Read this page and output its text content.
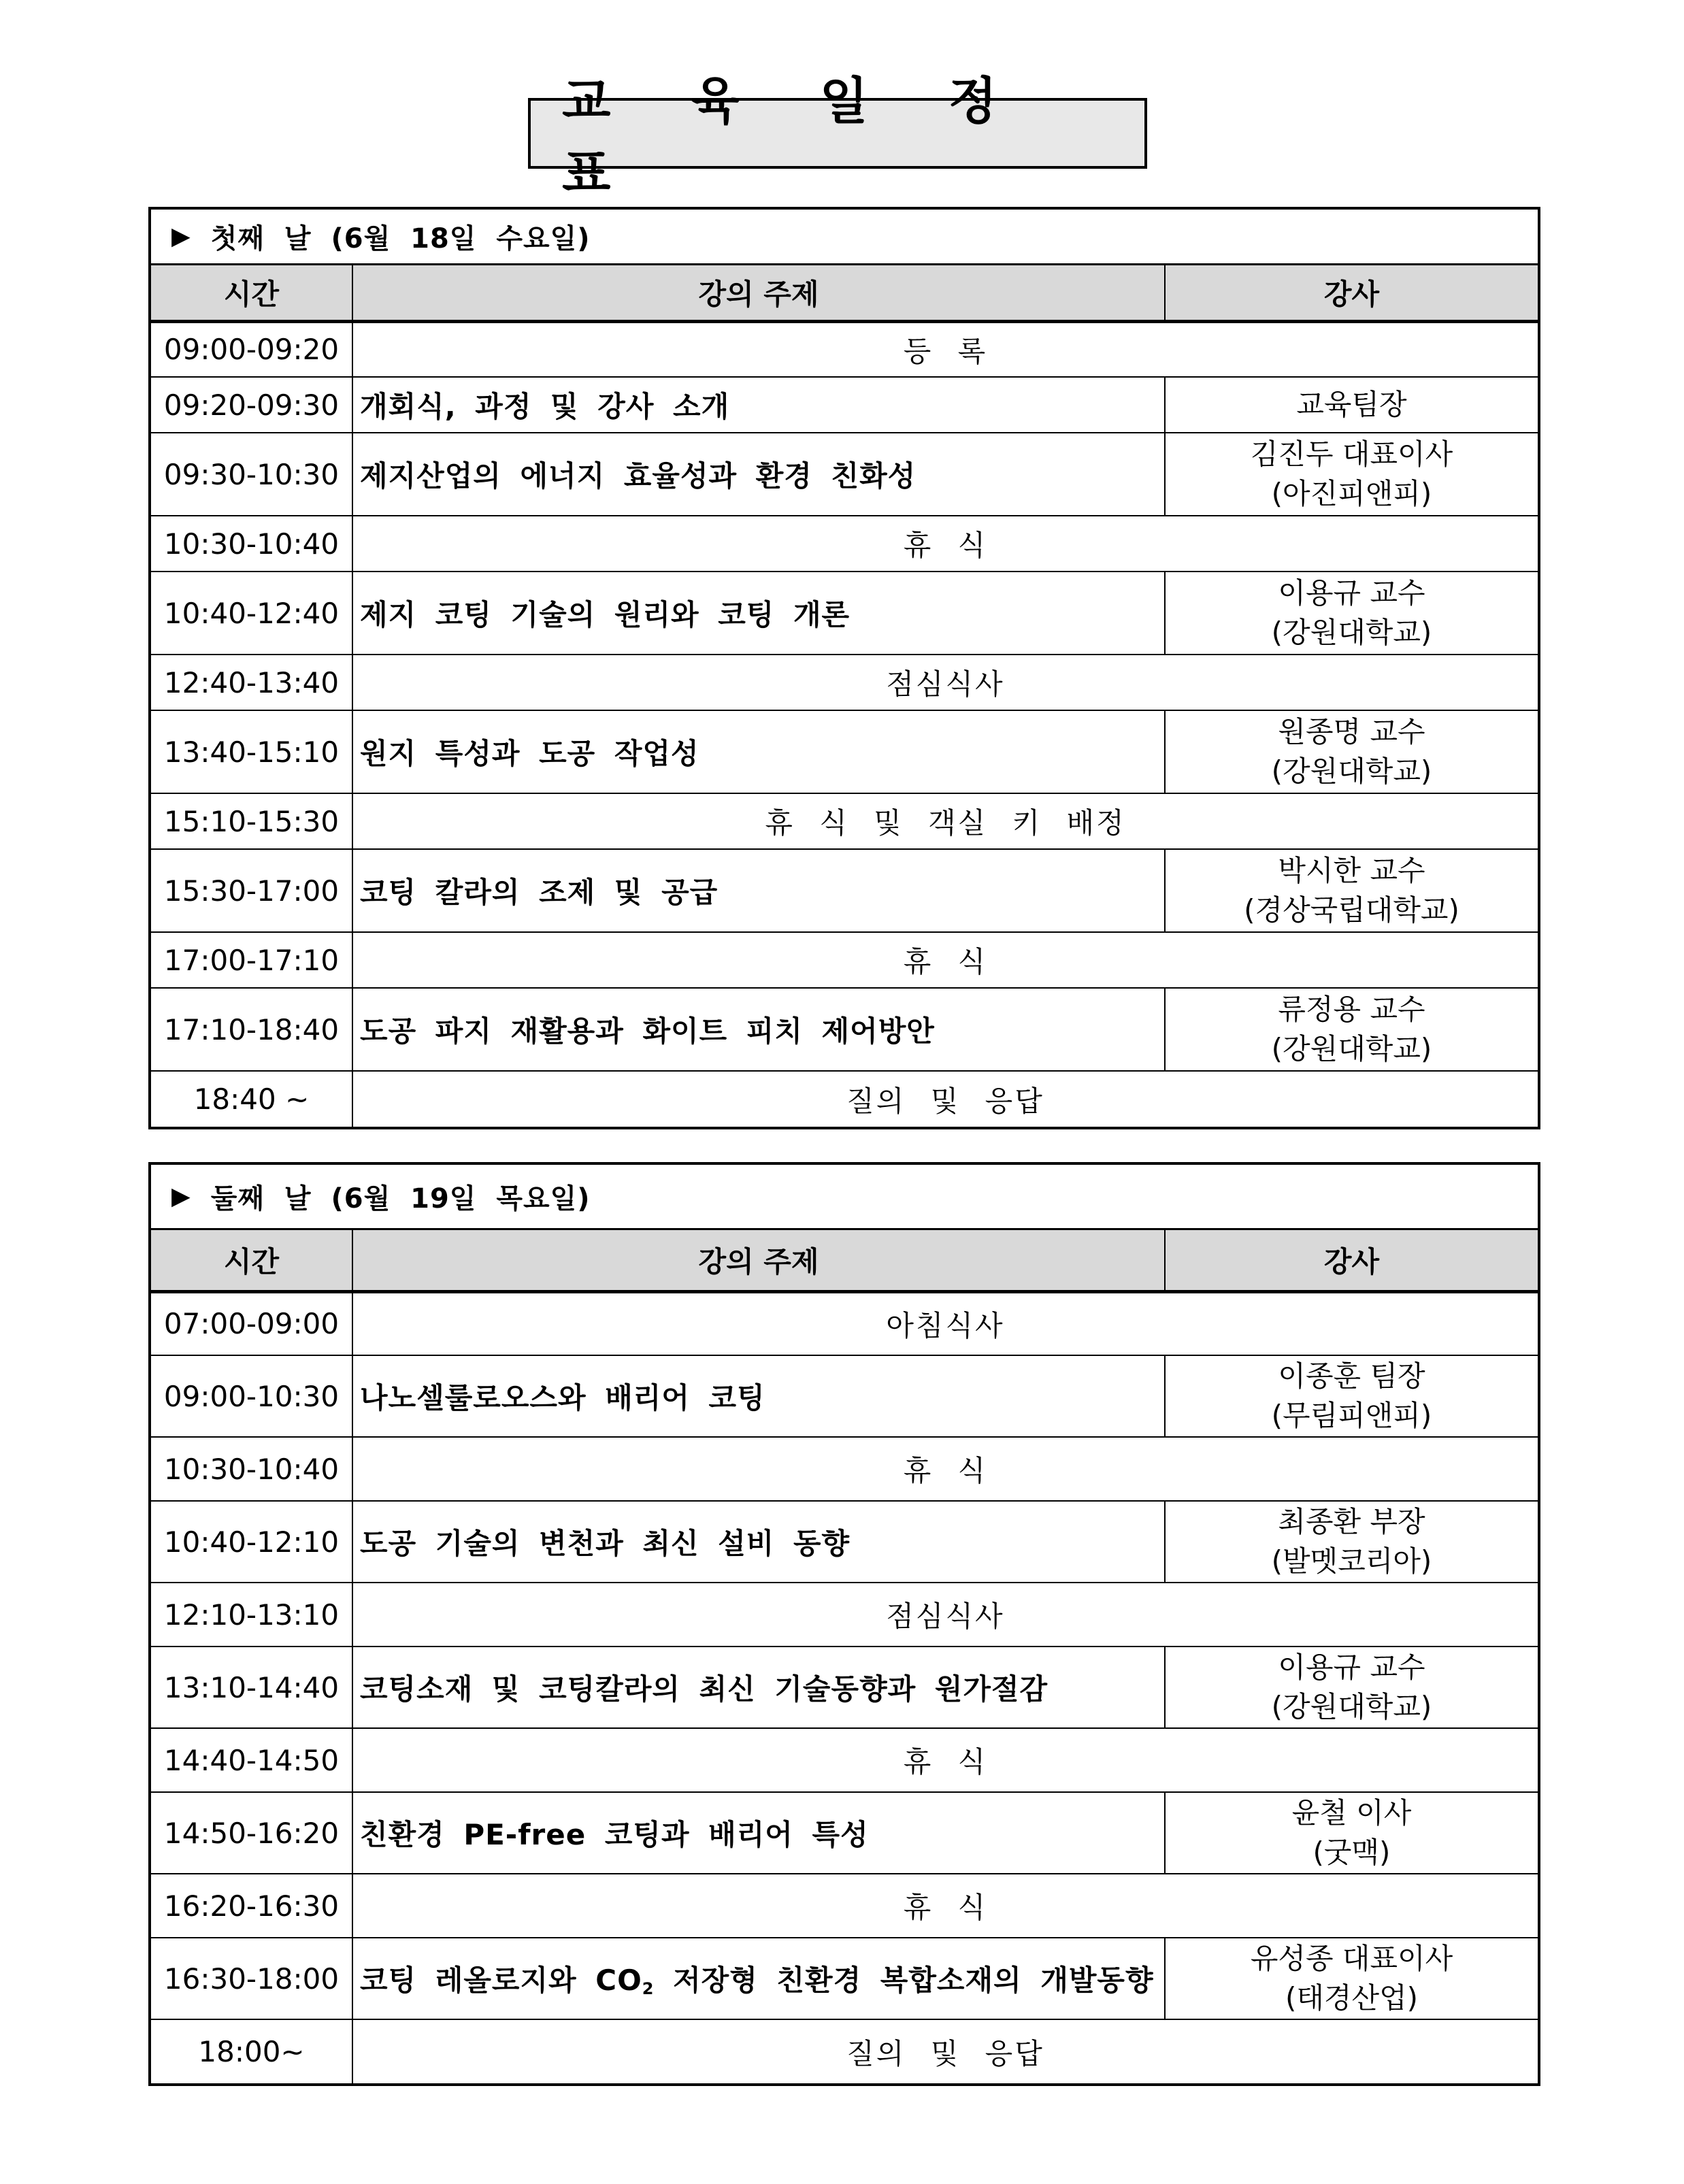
교 육 일 정 표
▶ 첫째 날 (6월 18일 수요일)
시간	강의 주제	강사
09:00-09:20	등 록	
09:20-09:30	개회식, 과정 및 강사 소개	교육팀장
09:30-10:30	제지산업의 에너지 효율성과 환경 친화성	김진두 대표이사
(아진피앤피)

10:30-10:40	휴 식	
10:40-12:40	제지 코팅 기술의 원리와 코팅 개론	이용규 교수
(강원대학교)

12:40-13:40	점심식사	
13:40-15:10	원지 특성과 도공 작업성	원종명 교수
(강원대학교)

15:10-15:30	휴 식 및 객실 키 배정	
15:30-17:00	코팅 칼라의 조제 및 공급	박시한 교수
(경상국립대학교)

17:00-17:10	휴 식	
17:10-18:40	도공 파지 재활용과 화이트 피치 제어방안	류정용 교수
(강원대학교)

18:40 ~	질의 및 응답	
▶ 둘째 날 (6월 19일 목요일)
시간	강의 주제	강사
07:00-09:00	아침식사	
09:00-10:30	나노셀룰로오스와 배리어 코팅	이종훈 팀장
(무림피앤피)

10:30-10:40	휴 식	
10:40-12:10	도공 기술의 변천과 최신 설비 동향	최종환 부장
(발멧코리아)

12:10-13:10	점심식사	
13:10-14:40	코팅소재 및 코팅칼라의 최신 기술동향과 원가절감	이용규 교수
(강원대학교)

14:40-14:50	휴 식	
14:50-16:20	친환경 PE-free 코팅과 배리어 특성	윤철 이사
(굿맥)

16:20-16:30	휴 식	
16:30-18:00	코팅 레올로지와 $CO_2$ 저장형 친환경 복합소재의 개발동향	유성종 대표이사
(태경산업)

18:00~	질의 및 응답	
